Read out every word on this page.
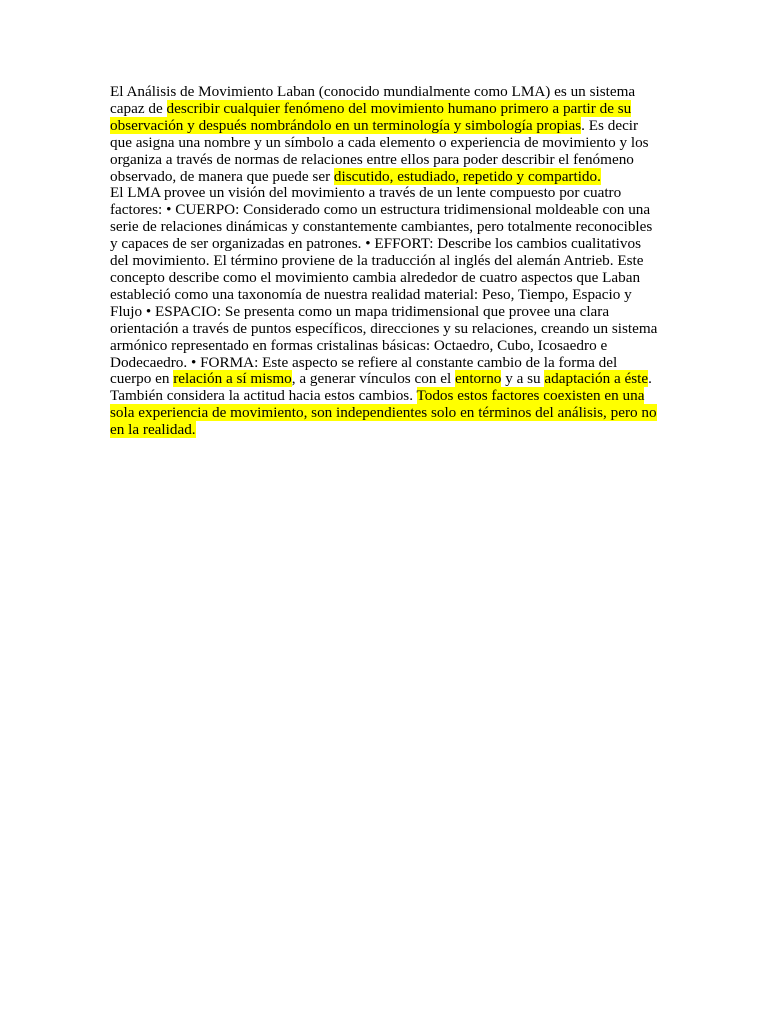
El Análisis de Movimiento Laban (conocido mundialmente como LMA) es un sistema capaz de describir cualquier fenómeno del movimiento humano primero a partir de su observación y después nombrándolo en un terminología y simbología propias. Es decir que asigna una nombre y un símbolo a cada elemento o experiencia de movimiento y los organiza a través de normas de relaciones entre ellos para poder describir el fenómeno observado, de manera que puede ser discutido, estudiado, repetido y compartido.

El LMA provee un visión del movimiento a través de un lente compuesto por cuatro factores: • CUERPO: Considerado como un estructura tridimensional moldeable con una serie de relaciones dinámicas y constantemente cambiantes, pero totalmente reconocibles y capaces de ser organizadas en patrones. • EFFORT: Describe los cambios cualitativos del movimiento. El término proviene de la traducción al inglés del alemán Antrieb. Este concepto describe como el movimiento cambia alrededor de cuatro aspectos que Laban estableció como una taxonomía de nuestra realidad material: Peso, Tiempo, Espacio y Flujo • ESPACIO: Se presenta como un mapa tridimensional que provee una clara orientación a través de puntos específicos, direcciones y su relaciones, creando un sistema armónico representado en formas cristalinas básicas: Octaedro, Cubo, Icosaedro e Dodecaedro. • FORMA: Este aspecto se refiere al constante cambio de la forma del cuerpo en relación a sí mismo, a generar vínculos con el entorno y a su adaptación a éste. También considera la actitud hacia estos cambios. Todos estos factores coexisten en una sola experiencia de movimiento, son independientes solo en términos del análisis, pero no en la realidad.
